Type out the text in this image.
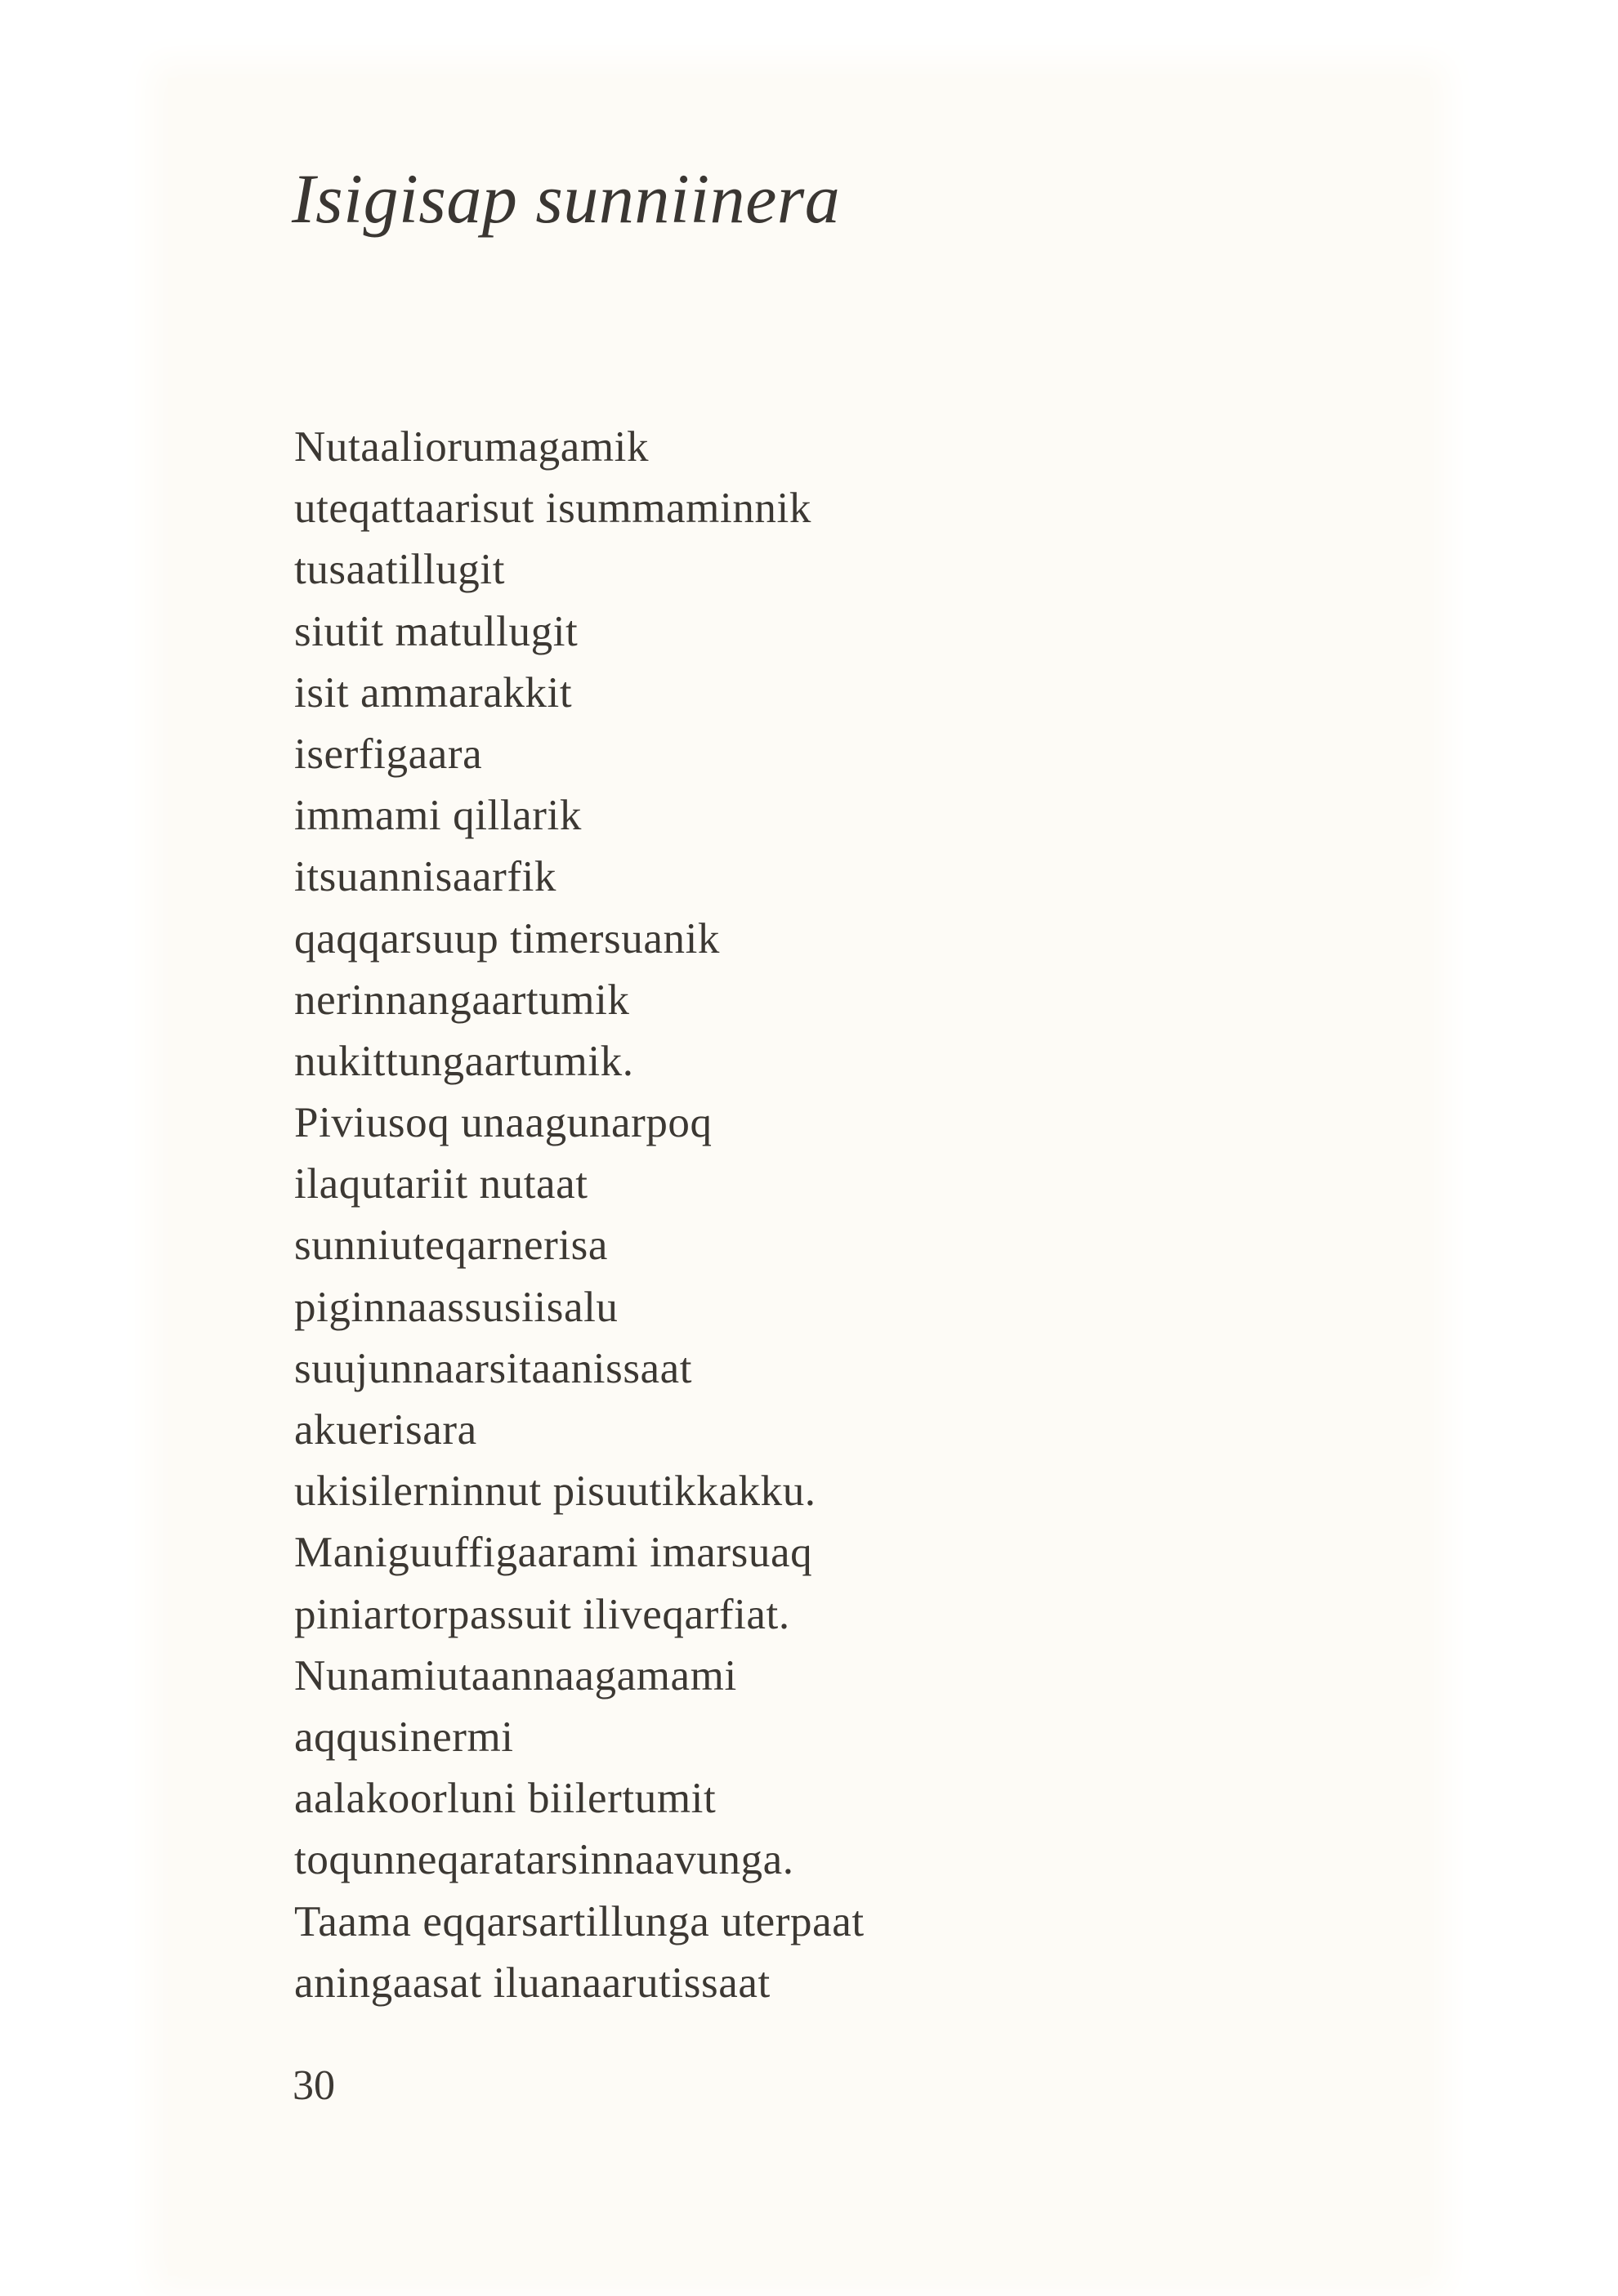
Isigisap sunniinera
Nutaaliorumagamik
uteqattaarisut isummaminnik
tusaatillugit
siutit matullugit
isit ammarakkit
iserfigaara
immami qillarik
itsuannisaarfik
qaqqarsuup timersuanik
nerinnangaartumik
nukittungaartumik.
Piviusoq unaagunarpoq
ilaqutariit nutaat
sunniuteqarnerisa
piginnaassusiisalu
suujunnaarsitaanissaat
akuerisara
ukisilerninnut pisuutikkakku.
Maniguuffigaarami imarsuaq
piniartorpassuit iliveqarfiat.
Nunamiutaannaagamami
aqqusinermi
aalakoorluni biilertumit
toqunneqaratarsinnaavunga.
Taama eqqarsartillunga uterpaat
aningaasat iluanaarutissaat
30
